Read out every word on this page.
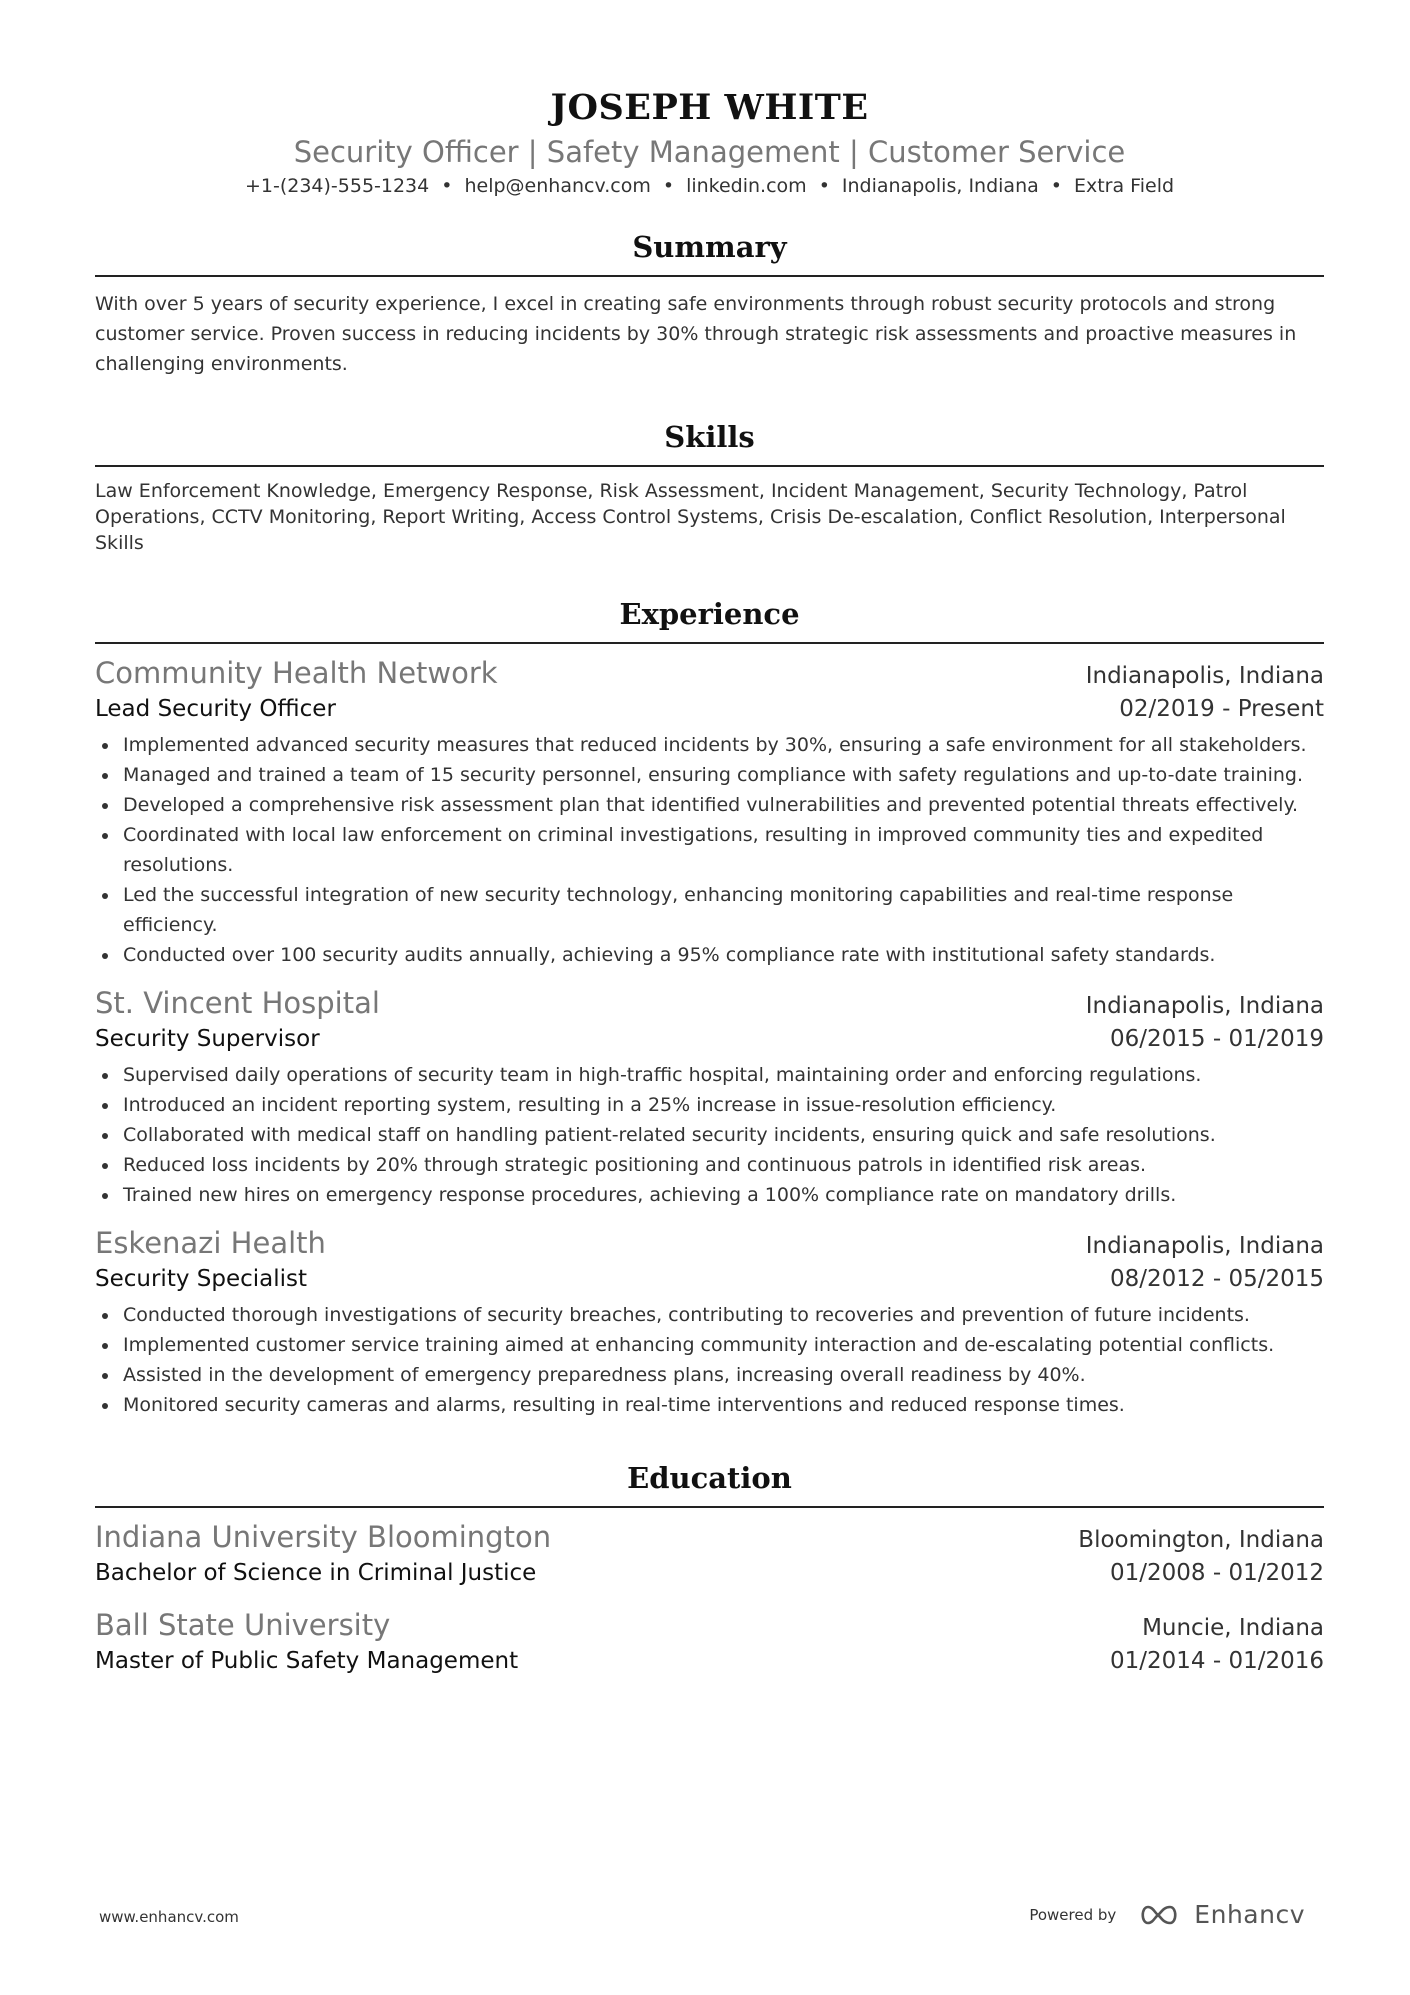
JOSEPH WHITE
Security Officer | Safety Management | Customer Service
+1-(234)-555-1234 • help@enhancv.com • linkedin.com • Indianapolis, Indiana • Extra Field
Summary
With over 5 years of security experience, I excel in creating safe environments through robust security protocols and strong customer service. Proven success in reducing incidents by 30% through strategic risk assessments and proactive measures in challenging environments.
Skills
Law Enforcement Knowledge, Emergency Response, Risk Assessment, Incident Management, Security Technology, Patrol Operations, CCTV Monitoring, Report Writing, Access Control Systems, Crisis De-escalation, Conflict Resolution, Interpersonal Skills
Experience
Community Health Network	Indianapolis, Indiana
Lead Security Officer	02/2019 - Present
Implemented advanced security measures that reduced incidents by 30%, ensuring a safe environment for all stakeholders.
Managed and trained a team of 15 security personnel, ensuring compliance with safety regulations and up-to-date training.
Developed a comprehensive risk assessment plan that identified vulnerabilities and prevented potential threats effectively.
Coordinated with local law enforcement on criminal investigations, resulting in improved community ties and expedited resolutions.
Led the successful integration of new security technology, enhancing monitoring capabilities and real-time response efficiency.
Conducted over 100 security audits annually, achieving a 95% compliance rate with institutional safety standards.
St. Vincent Hospital	Indianapolis, Indiana
Security Supervisor	06/2015 - 01/2019
Supervised daily operations of security team in high-traffic hospital, maintaining order and enforcing regulations.
Introduced an incident reporting system, resulting in a 25% increase in issue-resolution efficiency.
Collaborated with medical staff on handling patient-related security incidents, ensuring quick and safe resolutions.
Reduced loss incidents by 20% through strategic positioning and continuous patrols in identified risk areas.
Trained new hires on emergency response procedures, achieving a 100% compliance rate on mandatory drills.
Eskenazi Health	Indianapolis, Indiana
Security Specialist	08/2012 - 05/2015
Conducted thorough investigations of security breaches, contributing to recoveries and prevention of future incidents.
Implemented customer service training aimed at enhancing community interaction and de-escalating potential conflicts.
Assisted in the development of emergency preparedness plans, increasing overall readiness by 40%.
Monitored security cameras and alarms, resulting in real-time interventions and reduced response times.
Education
Indiana University Bloomington	Bloomington, Indiana
Bachelor of Science in Criminal Justice	01/2008 - 01/2012
Ball State University	Muncie, Indiana
Master of Public Safety Management	01/2014 - 01/2016
www.enhancv.com	Powered by	Enhancv
